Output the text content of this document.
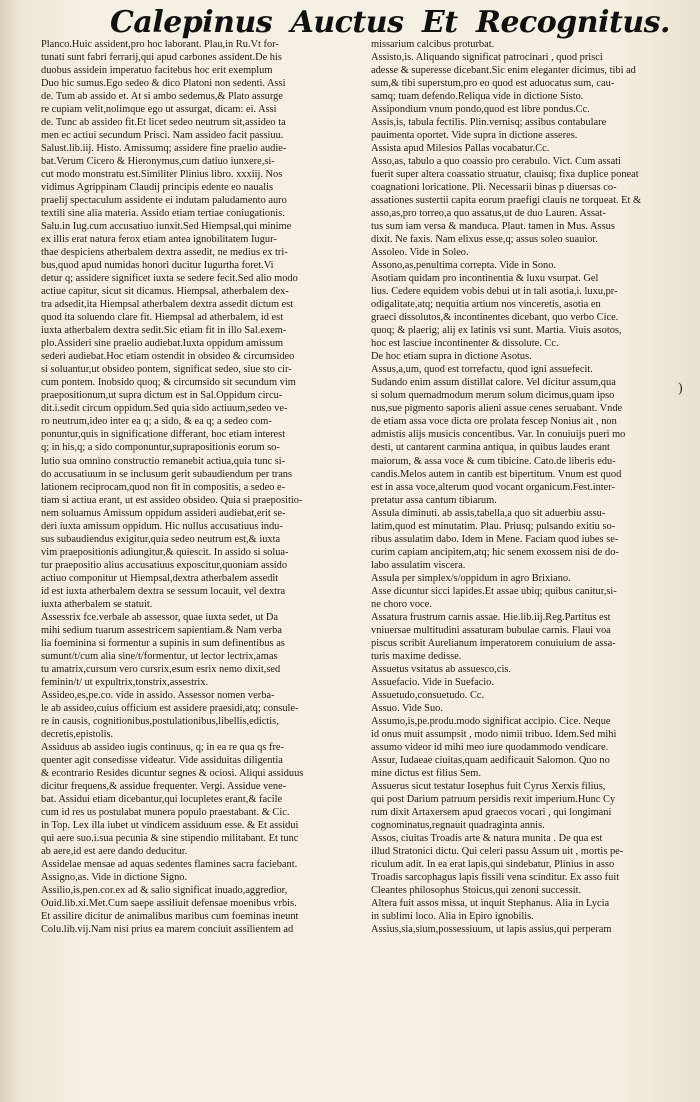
Calepinus Auctus Et Recognitus.

Planco.Huic assident,pro hoc laborant. Plau,in Ru.Vt for-

tunati sunt fabri ferrarij,qui apud carbones assident.De his

duobus assidein imperatuo facitebus hoc erit exemplum

Duo hic sumus.Ego sedeo & dico Platoni non sedenti. Assi

de. Tum ab assido et. At si ambo sedemus,& Plato assurge

re cupiam velit,nolimque ego ut assurgat, dicam: ei. Assi

de. Tunc ab assideo fit.Et licet sedeo neutrum sit,assideo ta

men ec actiui secundum Prisci. Nam assideo facit passiuu.

Salust.lib.iij. Histo. Amissumq; assidere fine praelio audie-

bat.Verum Cicero & Hieronymus,cum datiuo iunxere,si-

cut modo monstratu est.Similiter Plinius libro. xxxiij. Nos

vidimus Agrippinam Claudij principis edente eo naualis

praelij spectaculum assidente ei indutam paludamento auro

textili sine alia materia. Assido etiam tertiae coniugationis.

Salu.in Iug.cum accusatiuo iunxit.Sed Hiempsal,qui minime

ex illis erat natura ferox etiam antea ignobilitatem Iugur-

thae despiciens atherbalem dextra assedit, ne medius ex tri-

bus,quod apud numidas honori ducitur Iugurtha foret.Vi

detur q; assidere significet iuxta se sedere fecit.Sed alio modo

actiue capitur, sicut sit dicamus. Hiempsal, atherbalem dex-

tra adsedit,ita Hiempsal atherbalem dextra assedit dictum est

quod ita soluendo clare fit. Hiempsal ad atherbalem, id est

iuxta atherbalem dextra sedit.Sic etiam fit in illo Sal.exem-

plo.Assideri sine praelio audiebat.Iuxta oppidum amissum

sederi audiebat.Hoc etiam ostendit in obsideo & circumsideo

si soluantur,ut obsideo pontem, significat sedeo, siue sto cir-

cum pontem. Inobsido quoq; & circumsido sit secundum vim

praepositionum,ut supra dictum est in Sal.Oppidum circu-

dit.i.sedit circum oppidum.Sed quia sido actiuum,sedeo ve-

ro neutrum,ideo inter ea q; a sido, & ea q; a sedeo com-

ponuntur,quis in significatione differant, hoc etiam interest

q; in his,q; a sido componuntur,suprapositionis eorum so-

lutio sua omnino constructio remanebit actiua,quia tunc si-

do accusatiuum in se inclusum gerit subaudiendum per trans

lationem reciprocam,quod non fit in compositis, a sedeo e-

tiam si actiua erant, ut est assideo obsideo. Quia si praepositio-

nem soluamus Amissum oppidum assideri audiebat,erit se-

deri iuxta amissum oppidum. Hic nullus accusatiuus indu-

sus subaudiendus exigitur,quia sedeo neutrum est,& iuxta

vim praepositionis adiungitur,& quiescit. In assido si solua-

tur praepositio alius accusatiuus exposcitur,quoniam assido

actiuo componitur ut Hiempsal,dextra atherbalem assedit

id est iuxta atherbalem dextra se sessum locauit, vel dextra

iuxta atherbalem se statuit.

Assessrix fce.verbale ab assessor, quae iuxta sedet, ut Da

mihi sedium tuarum assestricem sapientiam.& Nam verba

lia foeminina si formentur a supinis in sum definentibus as

sumunt/t/cum alia sine/t/formentur, ut lector lectrix,amas

tu amatrix,cursum vero cursrix,esum esrix nemo dixit,sed

feminin/t/ ut expultrix,tonstrix,assestrix.

Assideo,es,pe.co. vide in assido. Assessor nomen verba-

le ab assideo,cuius officium est assidere praesidi,atq; consule-

re in causis, cognitionibus,postulationibus,libellis,edictis,

decretis,epistolis.

Assiduus ab assideo iugis continuus, q; in ea re qua qs fre-

quenter agit consedisse videatur. Vide assiduitas diligentia

& econtrario Resides dicuntur segnes & ociosi. Aliqui assiduus

dicitur frequens,& assidue frequenter. Vergi. Assidue vene-

bat. Assidui etiam dicebantur,qui locupletes erant,& facile

cum id res us postulabat munera populo praestabant. & Cic.

in Top. Lex illa iubet ut vindicem assiduum esse. & Et assidui

qui aere suo.i.sua pecunia & sine stipendio militabant. Et tunc

ab aere,id est aere dando deducitur.

Assidelae mensae ad aquas sedentes flamines sacra faciebant.

Assigno,as. Vide in dictione Signo.

Assilio,is,pen.cor.ex ad & salio significat inuado,aggredior,

Ouid.lib.xi.Met.Cum saepe assiliuit defensae moenibus vrbis.

Et assilire dicitur de animalibus maribus cum foeminas ineunt

Colu.lib.vij.Nam nisi prius ea marem conciuit assilientem ad

missarium calcibus proturbat.

Assisto,is. Aliquando significat patrocinari , quod prisci

adesse & superesse dicebant.Sic enim eleganter dicimus, tibi ad

sum,& tibi superstum,pro eo quod est aduocatus sum, cau-

samq; tuam defendo.Reliqua vide in dictione Sisto.

Assipondium vnum pondo,quod est libre pondus.Cc.

Assis,is, tabula fectilis. Plin.vernisq; assibus contabulare

pauimenta oportet. Vide supra in dictione asseres.

Assista apud Milesios Pallas vocabatur.Cc.

Asso,as, tabulo a quo coassio pro cerabulo. Vict. Cum assati

fuerit super altera coassatio struatur, clauisq; fixa duplice poneat

coagnationi loricatione. Pli. Necessarii binas p diuersas co-

assationes sustertii capita eorum praefigi clauis ne torqueat. Et &

asso,as,pro torreo,a quo assatus,ut de duo Lauren. Assat-

tus sum iam versa & manduca. Plaut. tamen in Mus. Assus

dixit. Ne faxis. Nam elixus esse,q; assus soleo suauior.

Assoleo. Vide in Soleo.

Assono,as,penultima correpta. Vide in Sono.

Asotiam quidam pro incontinentia & luxu vsurpat. Gel

lius. Cedere equidem vobis debui ut in tali asotia,i. luxu,pr-

odigalitate,atq; nequitia artium nos vinceretis, asotia en

graeci dissolutos,& incontinentes dicebant, quo verbo Cice.

quoq; & plaerig; alij ex latinis vsi sunt. Martia. Viuis asotos,

hoc est lasciue incontinenter & dissolute. Cc.

De hoc etiam supra in dictione Asotus.

Assus,a,um, quod est torrefactu, quod igni assuefecit.

Sudando enim assum distillat calore. Vel dicitur assum,qua

si solum quemadmodum merum solum dicimus,quam ipso

nus,sue pigmento saporis alieni assue cenes seruabant. Vnde

de etiam assa voce dicta ore prolata fescep Nonius ait , non

admistis alijs musicis concentibus. Var. In conuiuijs pueri mo

desti, ut cantarent carmina antiqua, in quibus laudes erant

maiorum, & assa voce & cum tibicine. Cato.de liberis edu-

candis.Melos autem in cantib est bipertitum. Vnum est quod

est in assa voce,alterum quod vocant organicum.Fest.inter-

pretatur assa cantum tibiarum.

Assula diminuti. ab assis,tabella,a quo sit aduerbiu assu-

latim,quod est minutatim. Plau. Priusq; pulsando exitiu so-

ribus assulatim dabo. Idem in Mene. Faciam quod iubes se-

curim capiam ancipitem,atq; hic senem exossem nisi de do-

labo assulatim viscera.

Assula per simplex/s/oppidum in agro Brixiano.

Asse dicuntur sicci lapides.Et assae ubiq; quibus canitur,si-

ne choro voce.

Assatura frustrum carnis assae. Hie.lib.iij.Reg.Partitus est

vniuersae multitudini assaturam bubulae carnis. Flaui voa

piscus scribit Aurelianum imperatorem conuiuium de assa-

turis maxime dedisse.

Assuetus vsitatus ab assuesco,cis.

Assuefacio. Vide in Suefacio.

Assuetudo,consuetudo. Cc.

Assuo. Vide Suo.

Assumo,is,pe.produ.modo significat accipio. Cice. Neque

id onus muit assumpsit , modo nimii tribuo. Idem.Sed mihi

assumo videor id mihi meo iure quodammodo vendicare.

Assur, Iudaeae ciuitas,quam aedificauit Salomon. Quo no

mine dictus est filius Sem.

Assuerus sicut testatur Iosephus fuit Cyrus Xerxis filius,

qui post Darium patruum persidis rexit imperium.Hunc Cy

rum dixit Artaxersem apud graecos vocari , qui longimani

cognominatus,regnauit quadraginta annis.

Assos, ciuitas Troadis arte & natura munita . De qua est

illud Stratonici dictu. Qui celeri passu Assum uit , mortis pe-

riculum adit. In ea erat lapis,qui sindebatur, Plinius in asso

Troadis sarcophagus lapis fissili vena scinditur. Ex asso fuit

Cleantes philosophus Stoicus,qui zenoni successit.

Altera fuit assos missa, ut inquit Stephanus. Alia in Lycia

in sublimi loco. Alia in Epiro ignobilis.

Assius,sia,sium,possessiuum, ut lapis assius,qui perperam

)
